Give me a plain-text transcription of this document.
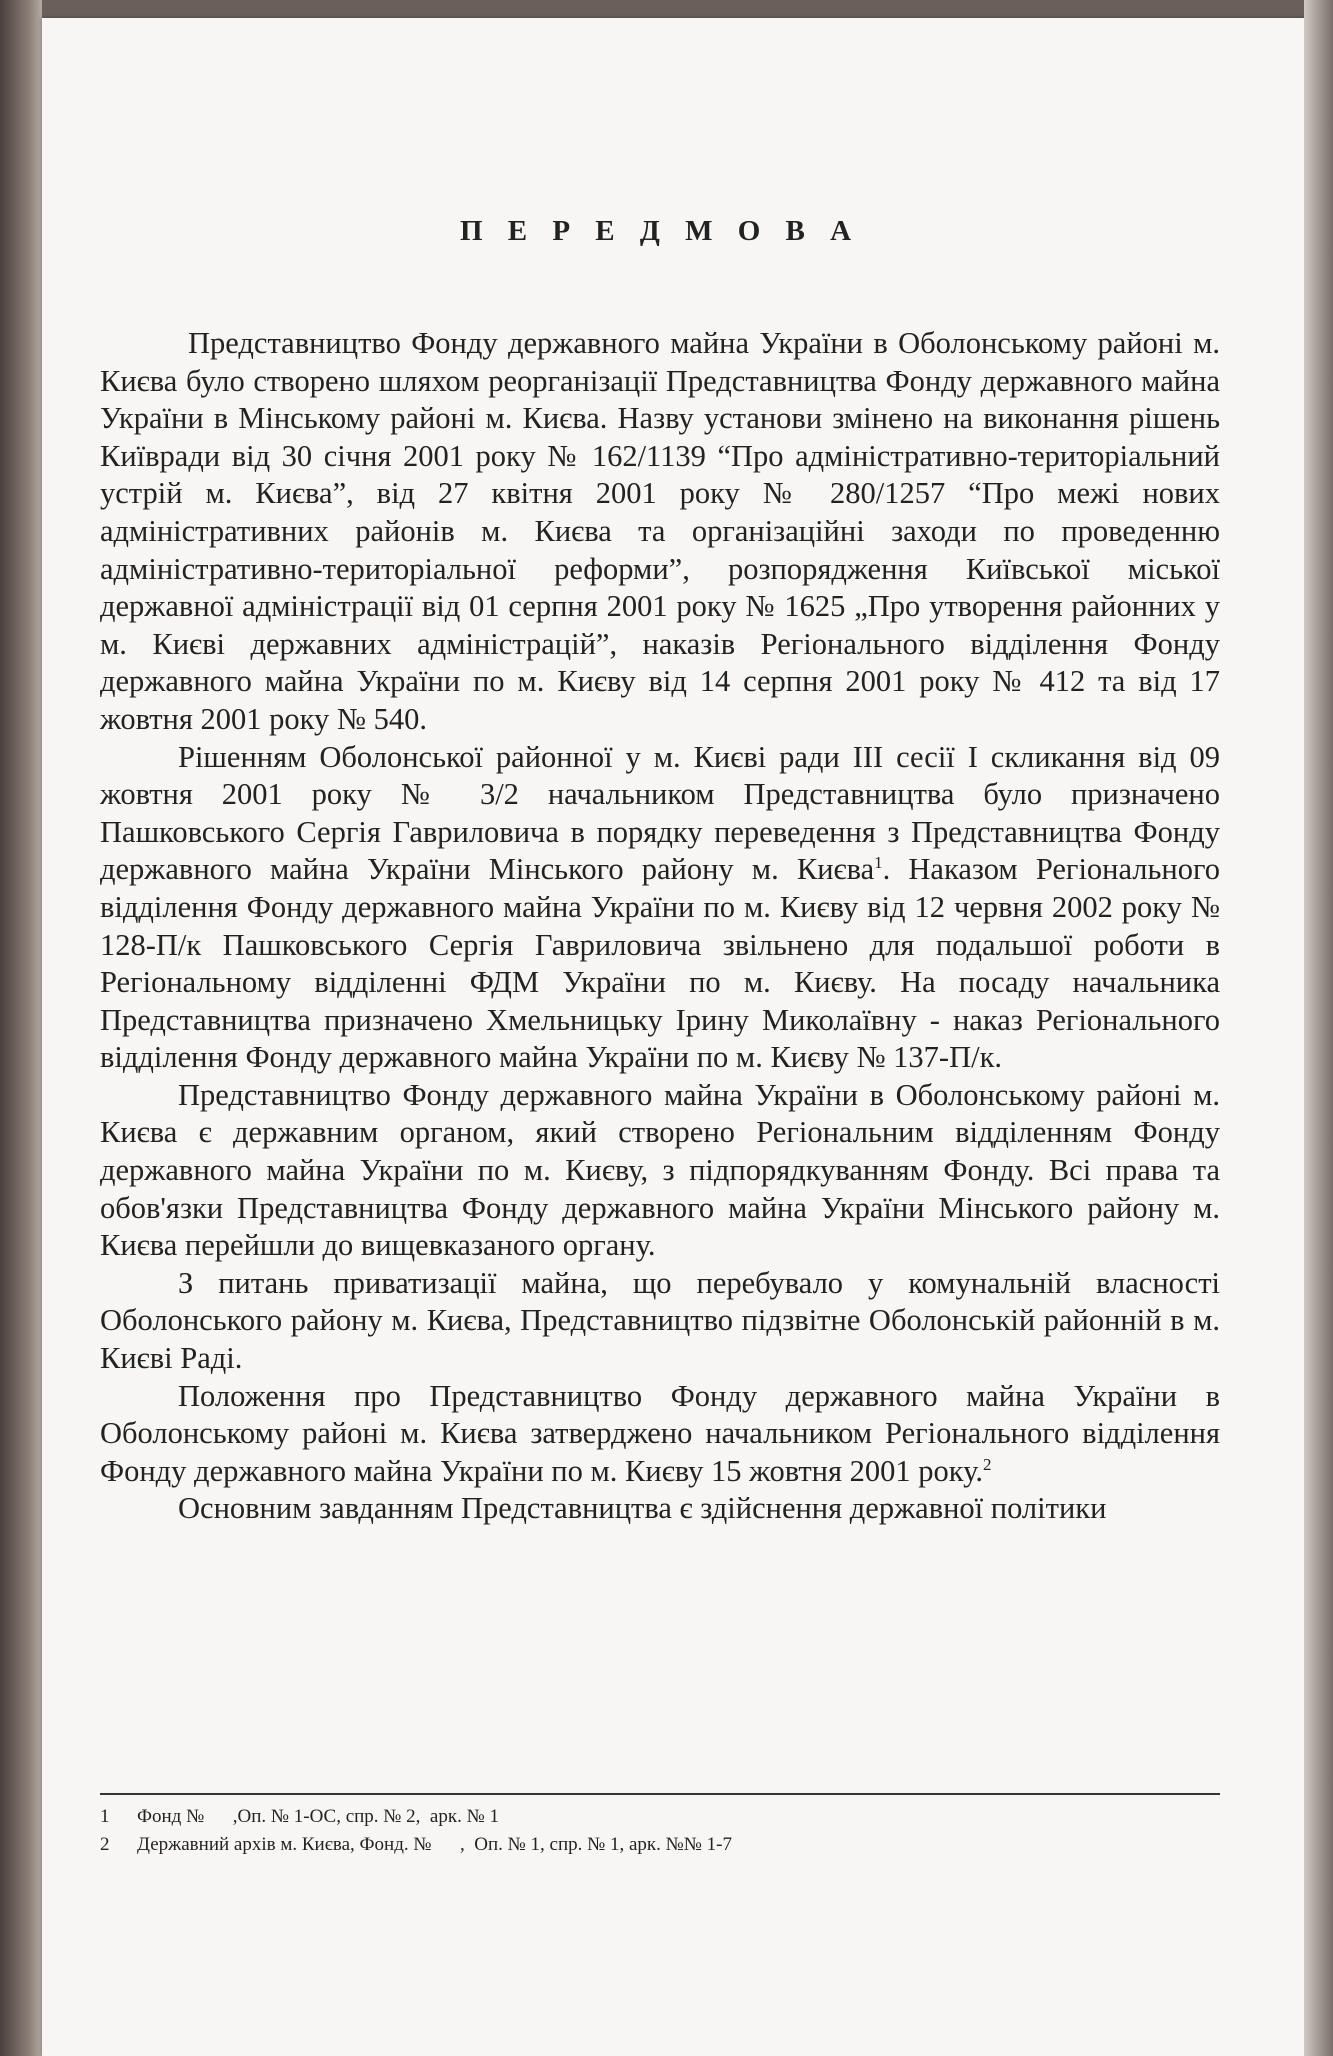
П Е Р Е Д М О В А

Представництво Фонду державного майна України в Оболонському районі м. Києва було створено шляхом реорганізації Представництва Фонду державного майна України в Мінському районі м. Києва. Назву установи змінено на виконання рішень Київради від 30 січня 2001 року № 162/1139 “Про адміністративно-територіальний устрій м. Києва”, від 27 квітня 2001 року № 280/1257 “Про межі нових адміністративних районів м. Києва та організаційні заходи по проведенню адміністративно-територіальної реформи”, розпорядження Київської міської державної адміністрації від 01 серпня 2001 року № 1625 „Про утворення районних у м. Києві державних адміністрацій”, наказів Регіонального відділення Фонду державного майна України по м. Києву від 14 серпня 2001 року № 412 та від 17 жовтня 2001 року № 540.

Рішенням Оболонської районної у м. Києві ради III сесії I скликання від 09 жовтня 2001 року № 3/2 начальником Представництва було призначено Пашковського Сергія Гавриловича в порядку переведення з Представництва Фонду державного майна України Мінського району м. Києва$^1$. Наказом Регіонального відділення Фонду державного майна України по м. Києву від 12 червня 2002 року № 128-П/к Пашковського Сергія Гавриловича звільнено для подальшої роботи в Регіональному відділенні ФДМ України по м. Києву. На посаду начальника Представництва призначено Хмельницьку Ірину Миколаївну - наказ Регіонального відділення Фонду державного майна України по м. Києву № 137-П/к.

Представництво Фонду державного майна України в Оболонському районі м. Києва є державним органом, який створено Регіональним відділенням Фонду державного майна України по м. Києву, з підпорядкуванням Фонду. Всі права та обов'язки Представництва Фонду державного майна України Мінського району м. Києва перейшли до вищевказаного органу.

З питань приватизації майна, що перебувало у комунальній власності Оболонського району м. Києва, Представництво підзвітне Оболонській районній в м. Києві Раді.

Положення про Представництво Фонду державного майна України в Оболонському районі м. Києва затверджено начальником Регіонального відділення Фонду державного майна України по м. Києву 15 жовтня 2001 року.$^2$

Основним завданням Представництва є здійснення державної політики

1	Фонд №      ,Оп. № 1-ОС, спр. № 2,  арк. № 1
2	Державний архів м. Києва, Фонд. №      ,  Оп. № 1, спр. № 1, арк. №№ 1-7
